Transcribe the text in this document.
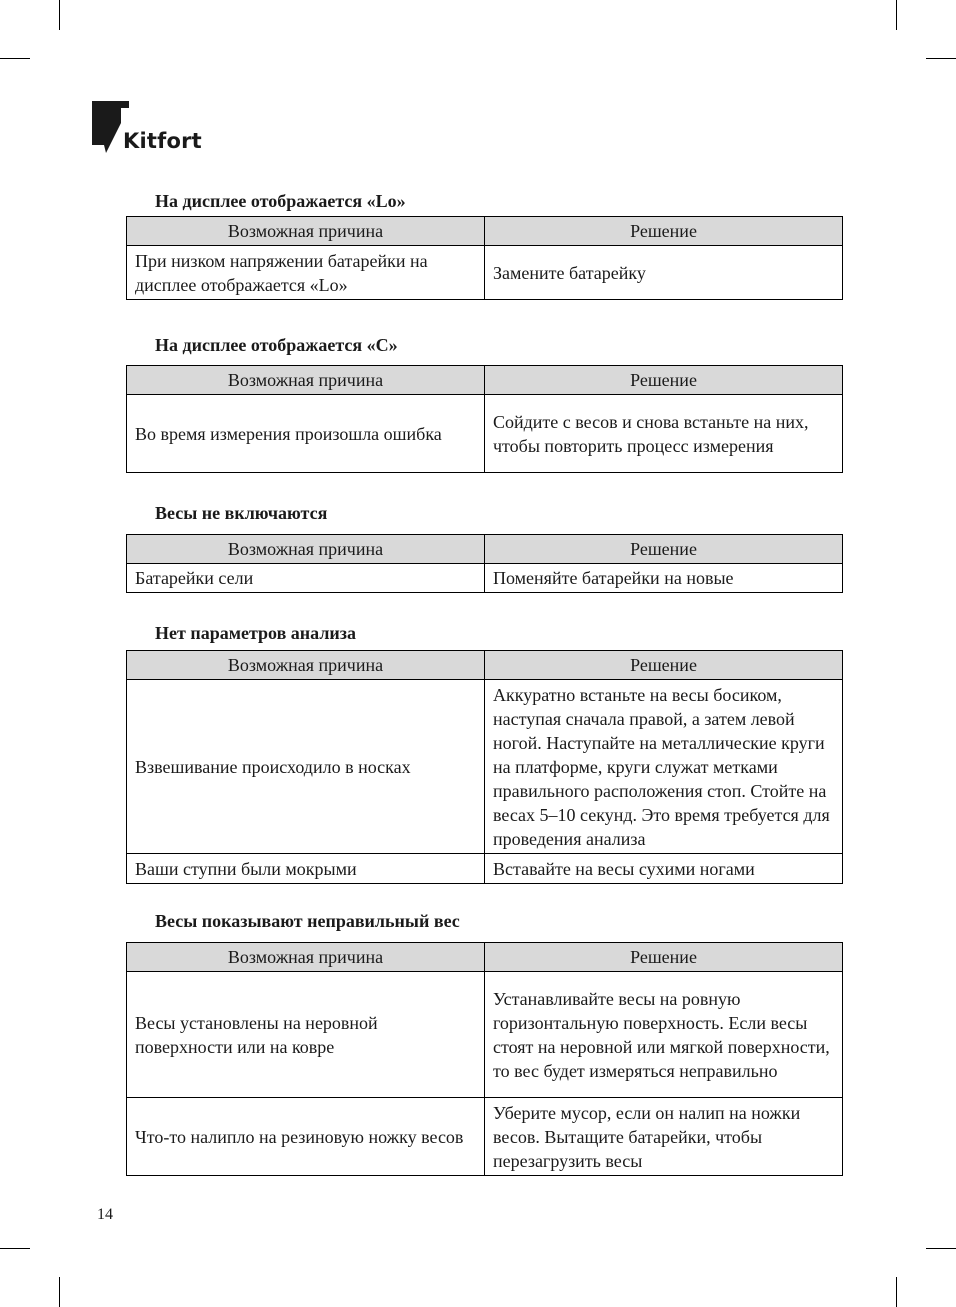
Kitfort
На дисплее отображается «Lo»
Возможная причина	Решение
При низком напряжении батарейки на дисплее отображается «Lo»	Замените батарейку
На дисплее отображается «С»
Возможная причина	Решение
Во время измерения произошла ошибка	Сойдите с весов и снова встаньте на них, чтобы повторить процесс измерения
Весы не включаются
Возможная причина	Решение
Батарейки сели	Поменяйте батарейки на новые
Нет параметров анализа
Возможная причина	Решение
Взвешивание происходило в носках	Аккуратно встаньте на весы босиком, наступая сначала правой, а затем левой ногой. Наступайте на металлические круги на платформе, круги служат метками правильного расположения стоп. Стойте на весах 5–10 секунд. Это время требуется для проведения анализа
Ваши ступни были мокрыми	Вставайте на весы сухими ногами
Весы показывают неправильный вес
Возможная причина	Решение
Весы установлены на неровной поверхности или на ковре	Устанавливайте весы на ровную горизонтальную поверхность. Если весы стоят на неровной или мягкой поверхности, то вес будет измеряться неправильно
Что-то налипло на резиновую ножку весов	Уберите мусор, если он налип на ножки весов. Вытащите батарейки, чтобы перезагрузить весы
14
